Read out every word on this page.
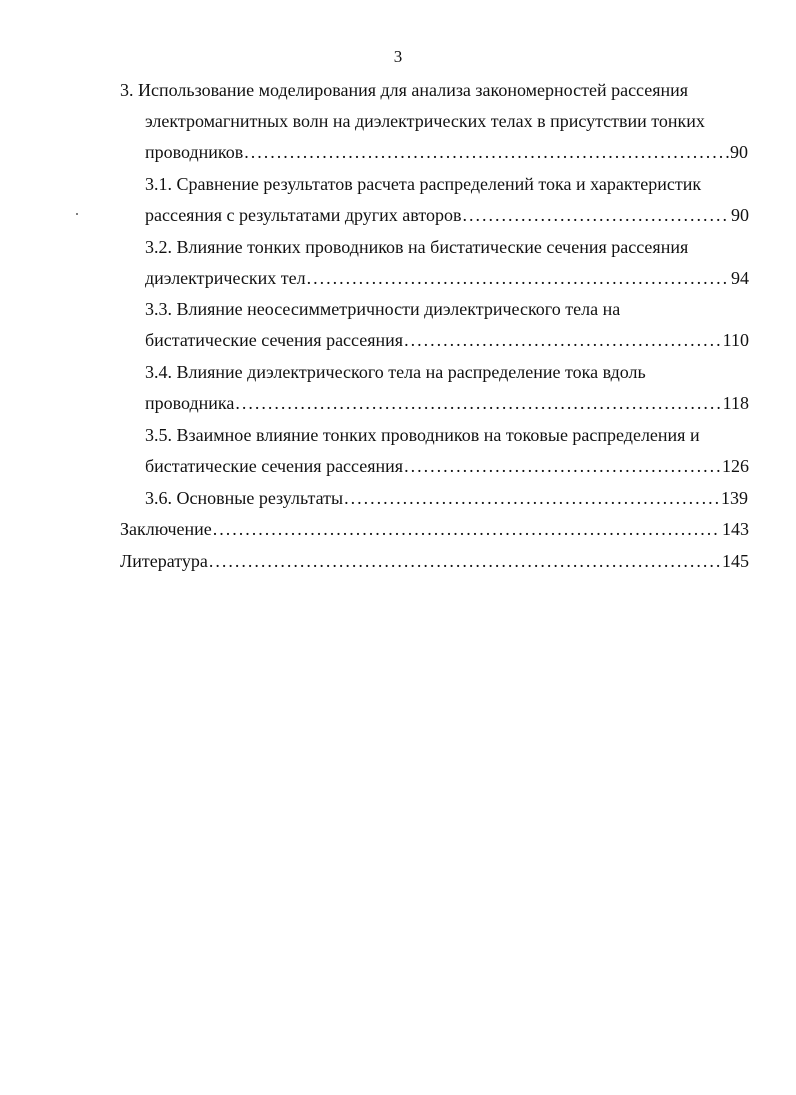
3
3. Использование моделирования для анализа закономерностей рассеяния
электромагнитных волн на диэлектрических телах в присутствии тонких
проводников .....	90
3.1. Сравнение результатов расчета распределений тока и характеристик
рассеяния с результатами других авторов .....	90
3.2. Влияние тонких проводников на бистатические сечения рассеяния
диэлектрических тел .....	94
3.3. Влияние неосесимметричности диэлектрического тела на
бистатические сечения рассеяния .....	110
3.4. Влияние диэлектрического тела на распределение тока вдоль
проводника .....	118
3.5. Взаимное влияние тонких проводников на токовые распределения и
бистатические сечения рассеяния .....	126
3.6. Основные результаты .....	139
Заключение .....	143
Литература .....	145
